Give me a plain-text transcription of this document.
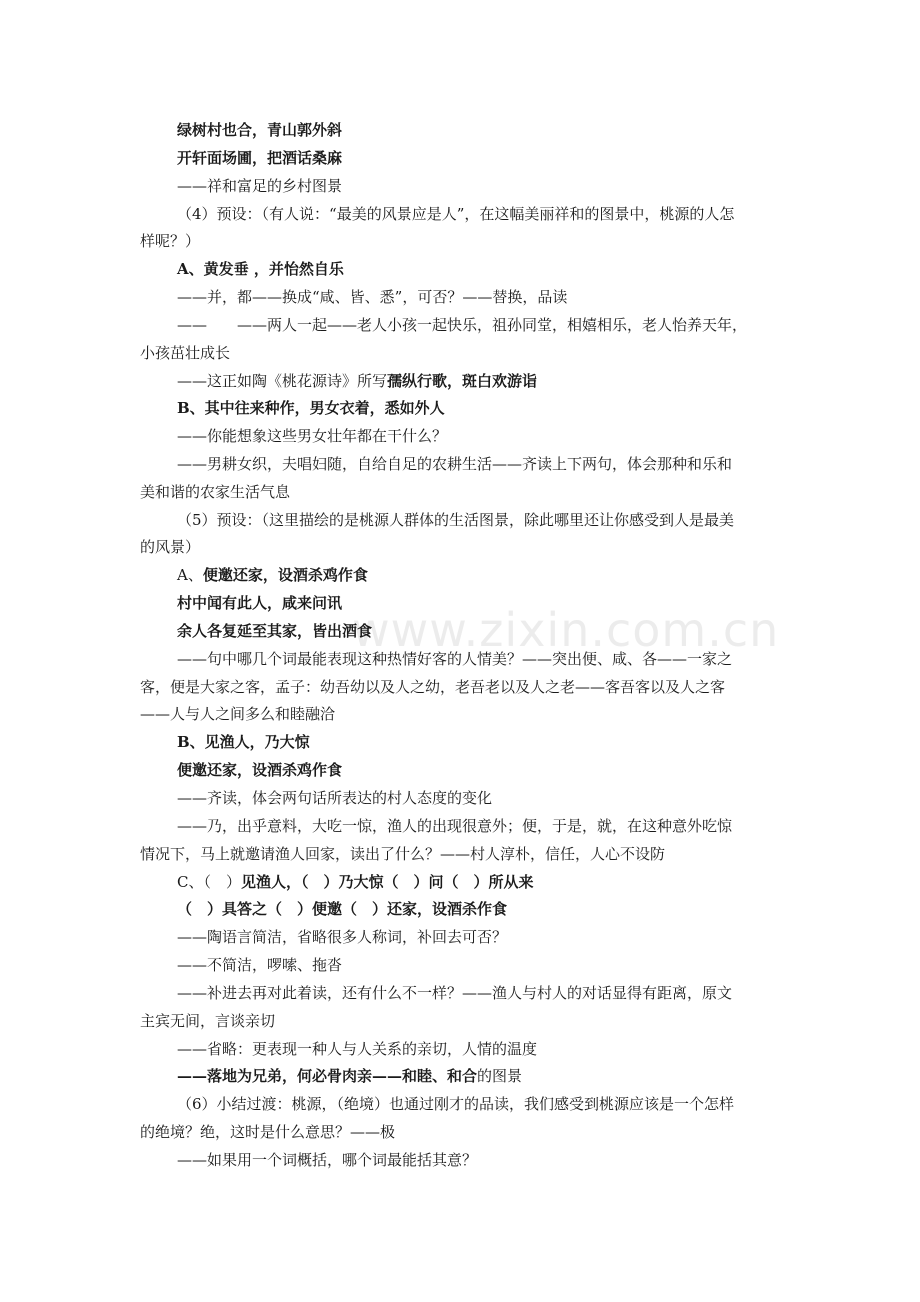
www.zixin.com.cn
绿树村也合，青山郭外斜
开轩面场圃，把酒话桑麻
——祥和富足的乡村图景
（4）预设：（有人说：“最美的风景应是人”，在这幅美丽祥和的图景中，桃源的人怎
样呢？）
A、黄发垂 ，并怡然自乐
——并，都——换成“咸、皆、悉”，可否？——替换，品读
——　　——两人一起——老人小孩一起快乐，祖孙同堂，相嬉相乐，老人怡养天年，
小孩茁壮成长
——这正如陶《桃花源诗》所写孺纵行歌，斑白欢游诣
B、其中往来种作，男女衣着，悉如外人
——你能想象这些男女壮年都在干什么？
——男耕女织，夫唱妇随，自给自足的农耕生活——齐读上下两句，体会那种和乐和
美和谐的农家生活气息
（5）预设：（这里描绘的是桃源人群体的生活图景，除此哪里还让你感受到人是最美
的风景）
A、便邀还家，设酒杀鸡作食
村中闻有此人，咸来问讯
余人各复延至其家，皆出酒食
——句中哪几个词最能表现这种热情好客的人情美？——突出便、咸、各——一家之
客，便是大家之客，孟子：幼吾幼以及人之幼，老吾老以及人之老——客吾客以及人之客
——人与人之间多么和睦融洽
B、见渔人，乃大惊
便邀还家，设酒杀鸡作食
——齐读，体会两句话所表达的村人态度的变化
——乃，出乎意料，大吃一惊，渔人的出现很意外；便，于是，就，在这种意外吃惊
情况下，马上就邀请渔人回家，读出了什么？——村人淳朴，信任，人心不设防
C、（　）见渔人，（　）乃大惊（　）问（　）所从来
（　）具答之（　）便邀（　）还家，设酒杀作食
——陶语言简洁，省略很多人称词，补回去可否？
——不简洁，啰嗦、拖沓
——补进去再对此着读，还有什么不一样？——渔人与村人的对话显得有距离，原文
主宾无间，言谈亲切
——省略：更表现一种人与人关系的亲切，人情的温度
——落地为兄弟，何必骨肉亲——和睦、和合的图景
（6）小结过渡：桃源，（绝境）也通过刚才的品读，我们感受到桃源应该是一个怎样
的绝境？绝，这时是什么意思？——极
——如果用一个词概括，哪个词最能括其意？
